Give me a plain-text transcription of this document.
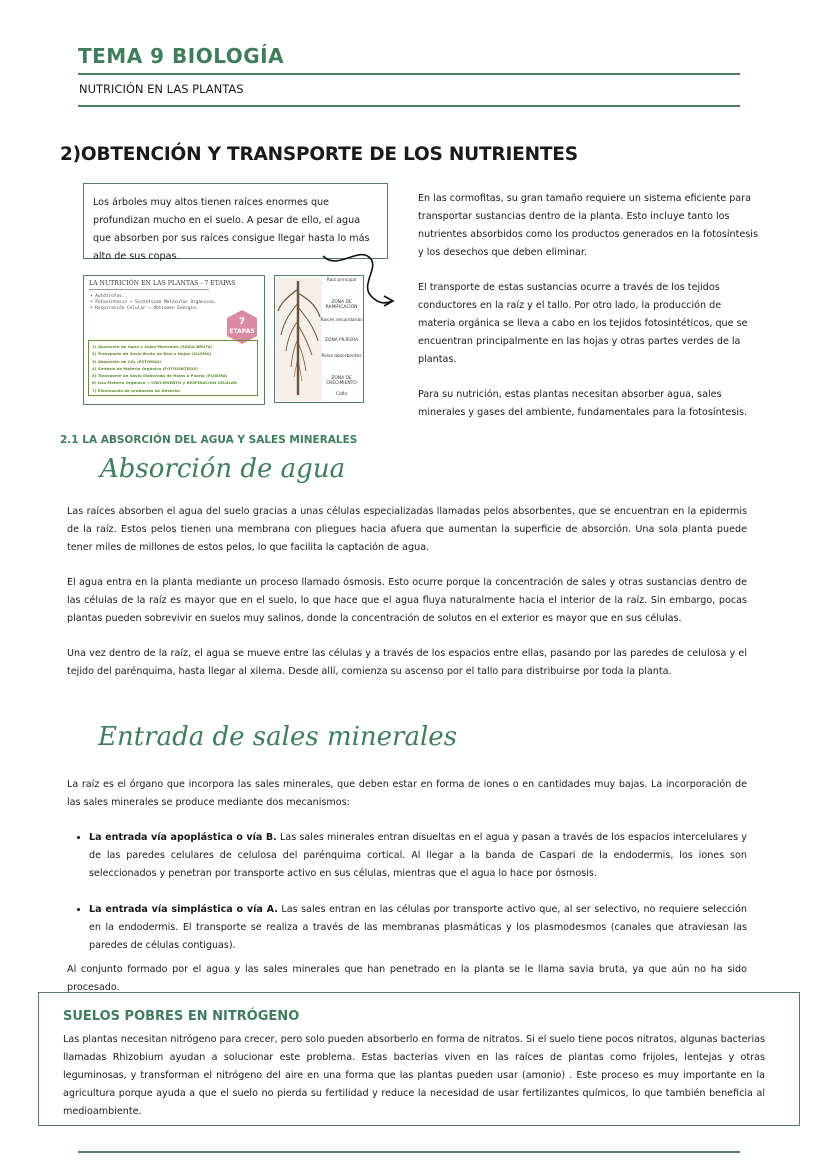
TEMA 9 BIOLOGÍA
NUTRICIÓN EN LAS PLANTAS
2)OBTENCIÓN Y TRANSPORTE DE LOS NUTRIENTES
Los árboles muy altos tienen raíces enormes que profundizan mucho en el suelo. A pesar de ello, el agua que absorben por sus raíces consigue llegar hasta lo más alto de sus copas.
LA NUTRICIÓN EN LAS PLANTAS - 7 ETAPAS
• Autótrofos.
• Fotosíntesis → Sintetizan Moléculas Orgánicas.
• Respiración Celular → Obtienen Energía.
7
ETAPAS
1) Absorción de Agua y Sales Minerales (SAVIA BRUTA)
2) Transporte de Savia Bruta de Raíz a Hojas (XILEMA)
3) Absorción de CO₂ (ESTOMAS)
4) Síntesis de Materia Orgánica (FOTOSÍNTESIS)
5) Transporte de Savia Elaborada de Hojas a Planta (FLOEMA)
6) Uso Materia Orgánica → CRECIMIENTO y RESPIRACIÓN CELULAR
7) Eliminación de productos de Desecho
Raíz principal
ZONA DE RAMIFICACIÓN
Raíces secundarias
ZONA PILÍFERA
Pelos absorbentes
ZONA DE CRECIMIENTO
Cofia
En las cormofitas, su gran tamaño requiere un sistema eficiente para transportar sustancias dentro de la planta. Esto incluye tanto los nutrientes absorbidos como los productos generados en la fotosíntesis y los desechos que deben eliminar.
El transporte de estas sustancias ocurre a través de los tejidos conductores en la raíz y el tallo. Por otro lado, la producción de materia orgánica se lleva a cabo en los tejidos fotosintéticos, que se encuentran principalmente en las hojas y otras partes verdes de la plantas.
Para su nutrición, estas plantas necesitan absorber agua, sales minerales y gases del ambiente, fundamentales para la fotosíntesis.
2.1 LA ABSORCIÓN DEL AGUA Y SALES MINERALES
Absorción de agua
Las raíces absorben el agua del suelo gracias a unas células especializadas llamadas pelos absorbentes, que se encuentran en la epidermis de la raíz. Estos pelos tienen una membrana con pliegues hacia afuera que aumentan la superficie de absorción. Una sola planta puede tener miles de millones de estos pelos, lo que facilita la captación de agua.
El agua entra en la planta mediante un proceso llamado ósmosis. Esto ocurre porque la concentración de sales y otras sustancias dentro de las células de la raíz es mayor que en el suelo, lo que hace que el agua fluya naturalmente hacia el interior de la raíz. Sin embargo, pocas plantas pueden sobrevivir en suelos muy salinos, donde la concentración de solutos en el exterior es mayor que en sus células.
Una vez dentro de la raíz, el agua se mueve entre las células y a través de los espacios entre ellas, pasando por las paredes de celulosa y el tejido del parénquima, hasta llegar al xilema. Desde allí, comienza su ascenso por el tallo para distribuirse por toda la planta.
Entrada de sales minerales
La raíz es el órgano que incorpora las sales minerales, que deben estar en forma de iones o en cantidades muy bajas. La incorporación de las sales minerales se produce mediante dos mecanismos:
• La entrada vía apoplástica o vía B. Las sales minerales entran disueltas en el agua y pasan a través de los espacios intercelulares y de las paredes celulares de celulosa del parénquima cortical. Al llegar a la banda de Caspari de la endodermis, los iones son seleccionados y penetran por transporte activo en sus células, mientras que el agua lo hace por ósmosis.
• La entrada vía simplástica o vía A. Las sales entran en las células por transporte activo que, al ser selectivo, no requiere selección en la endodermis. El transporte se realiza a través de las membranas plasmáticas y los plasmodesmos (canales que atraviesan las paredes de células contiguas).
Al conjunto formado por el agua y las sales minerales que han penetrado en la planta se le llama savia bruta, ya que aún no ha sido procesado.
SUELOS POBRES EN NITRÓGENO
Las plantas necesitan nitrógeno para crecer, pero solo pueden absorberlo en forma de nitratos. Si el suelo tiene pocos nitratos, algunas bacterias llamadas Rhizobium ayudan a solucionar este problema. Estas bacterias viven en las raíces de plantas como frijoles, lentejas y otras leguminosas, y transforman el nitrógeno del aire en una forma que las plantas pueden usar (amonio) . Este proceso es muy importante en la agricultura porque ayuda a que el suelo no pierda su fertilidad y reduce la necesidad de usar fertilizantes químicos, lo que también beneficia al medioambiente.
